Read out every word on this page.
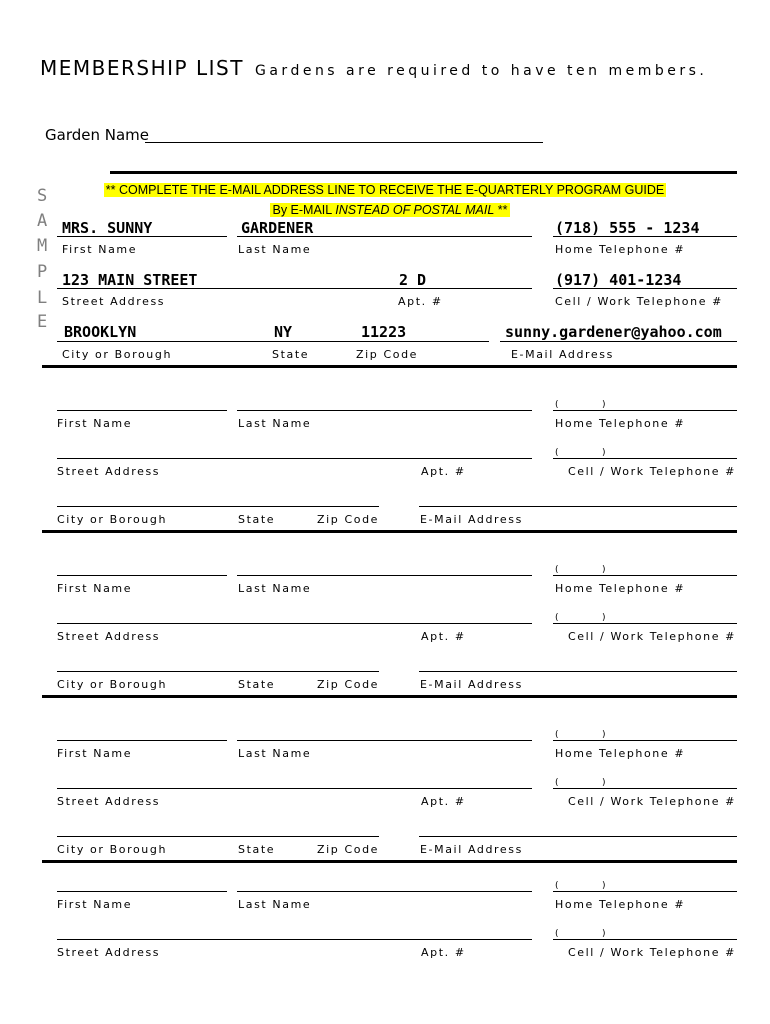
MEMBERSHIP LIST Gardens are required to have ten members.
Garden Name
** COMPLETE THE E-MAIL ADDRESS LINE TO RECEIVE THE E-QUARTERLY PROGRAM GUIDE
By E-MAIL INSTEAD OF POSTAL MAIL **
S
A
M
P
L
E
MRS. SUNNY	GARDENER	(718) 555 - 1234
First Name	Last Name	Home Telephone #
123 MAIN STREET	2 D	(917) 401-1234
Street Address	Apt. #	Cell / Work Telephone #
BROOKLYN	NY	11223	sunny.gardener@yahoo.com
City or Borough	State	Zip Code	E-Mail Address
(	)
First Name	Last Name	Home Telephone #
(	)
Street Address	Apt. #	Cell / Work Telephone #
City or Borough	State	Zip Code	E-Mail Address
(	)
First Name	Last Name	Home Telephone #
(	)
Street Address	Apt. #	Cell / Work Telephone #
City or Borough	State	Zip Code	E-Mail Address
(	)
First Name	Last Name	Home Telephone #
(	)
Street Address	Apt. #	Cell / Work Telephone #
City or Borough	State	Zip Code	E-Mail Address
(	)
First Name	Last Name	Home Telephone #
(	)
Street Address	Apt. #	Cell / Work Telephone #
